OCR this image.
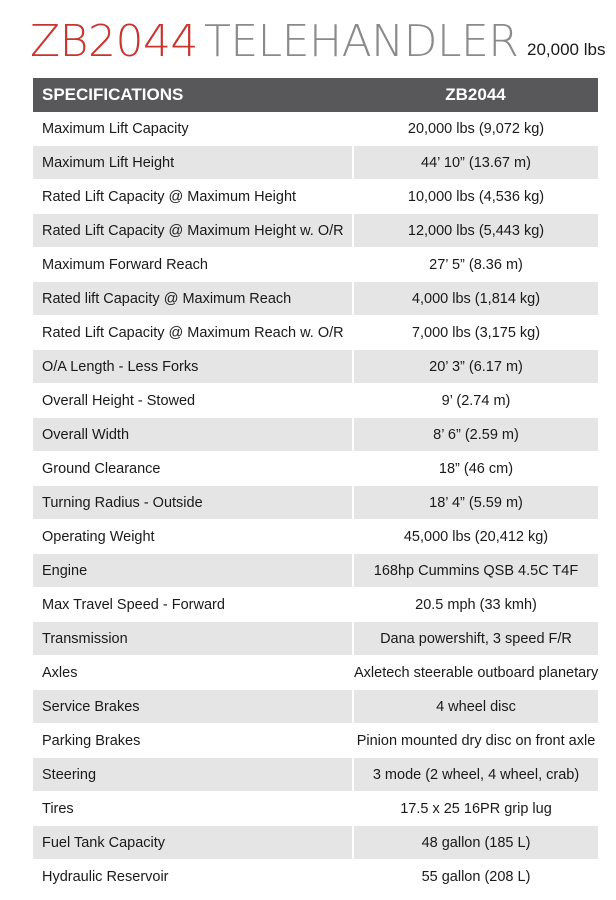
ZB2044 TELEHANDLER 20,000 lbs
SPECIFICATIONS	ZB2044
Maximum Lift Capacity	20,000 lbs (9,072 kg)
Maximum Lift Height	44’ 10” (13.67 m)
Rated Lift Capacity @ Maximum Height	10,000 lbs (4,536 kg)
Rated Lift Capacity @ Maximum Height w. O/R	12,000 lbs (5,443 kg)
Maximum Forward Reach	27’ 5” (8.36 m)
Rated lift Capacity @ Maximum Reach	4,000 lbs (1,814 kg)
Rated Lift Capacity @ Maximum Reach w. O/R	7,000 lbs (3,175 kg)
O/A Length - Less Forks	20’ 3” (6.17 m)
Overall Height - Stowed	9’ (2.74 m)
Overall Width	8’ 6” (2.59 m)
Ground Clearance	18” (46 cm)
Turning Radius - Outside	18’ 4” (5.59 m)
Operating Weight	45,000 lbs (20,412 kg)
Engine	168hp Cummins QSB 4.5C T4F
Max Travel Speed - Forward	20.5 mph (33 kmh)
Transmission	Dana powershift, 3 speed F/R
Axles	Axletech steerable outboard planetary
Service Brakes	4 wheel disc
Parking Brakes	Pinion mounted dry disc on front axle
Steering	3 mode (2 wheel, 4 wheel, crab)
Tires	17.5 x 25 16PR grip lug
Fuel Tank Capacity	48 gallon (185 L)
Hydraulic Reservoir	55 gallon (208 L)
